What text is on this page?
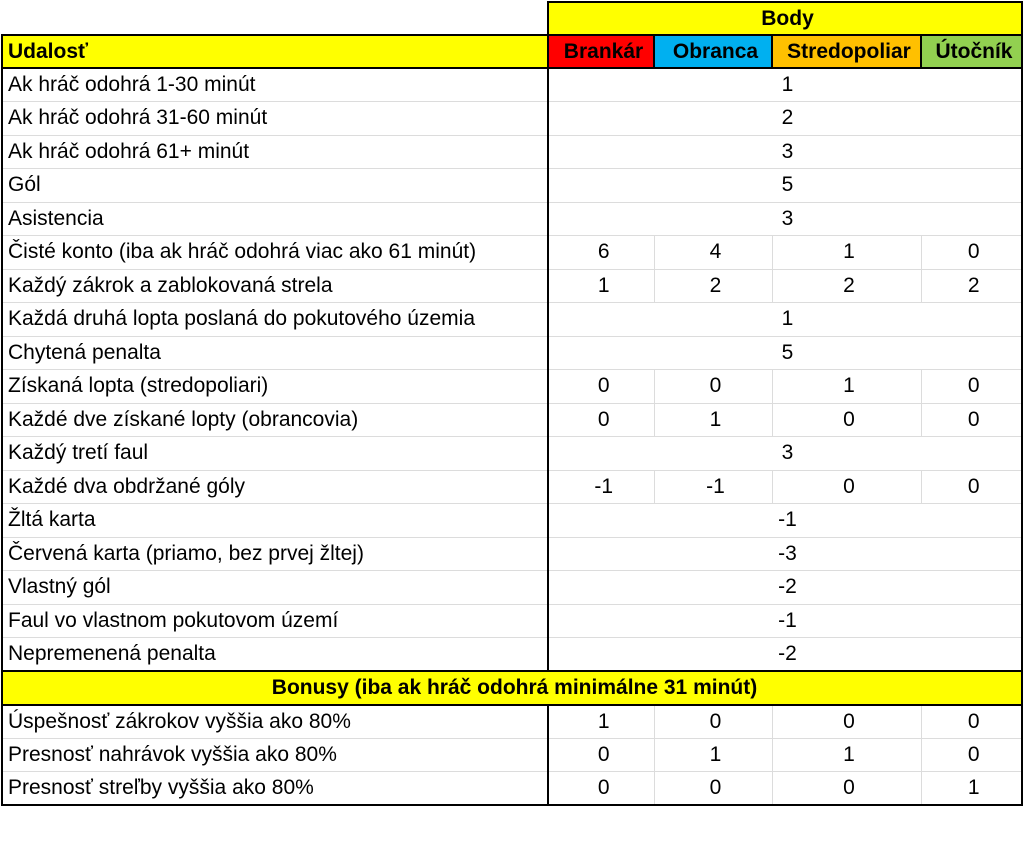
	Body			
Udalosť	Brankár	Obranca	Stredopoliar	Útočník
Ak hráč odohrá 1-30 minút	1			
Ak hráč odohrá 31-60 minút	2			
Ak hráč odohrá 61+ minút	3			
Gól	5			
Asistencia	3			
Čisté konto (iba ak hráč odohrá viac ako 61 minút)	6	4	1	0
Každý zákrok a zablokovaná strela	1	2	2	2
Každá druhá lopta poslaná do pokutového územia	1			
Chytená penalta	5			
Získaná lopta (stredopoliari)	0	0	1	0
Každé dve získané lopty (obrancovia)	0	1	0	0
Každý tretí faul	3			
Každé dva obdržané góly	-1	-1	0	0
Žltá karta	-1			
Červená karta (priamo, bez prvej žltej)	-3			
Vlastný gól	-2			
Faul vo vlastnom pokutovom území	-1			
Nepremenená penalta	-2			
Bonusy (iba ak hráč odohrá minimálne 31 minút)				
Úspešnosť zákrokov vyššia ako 80%	1	0	0	0
Presnosť nahrávok vyššia ako 80%	0	1	1	0
Presnosť streľby vyššia ako 80%	0	0	0	1
